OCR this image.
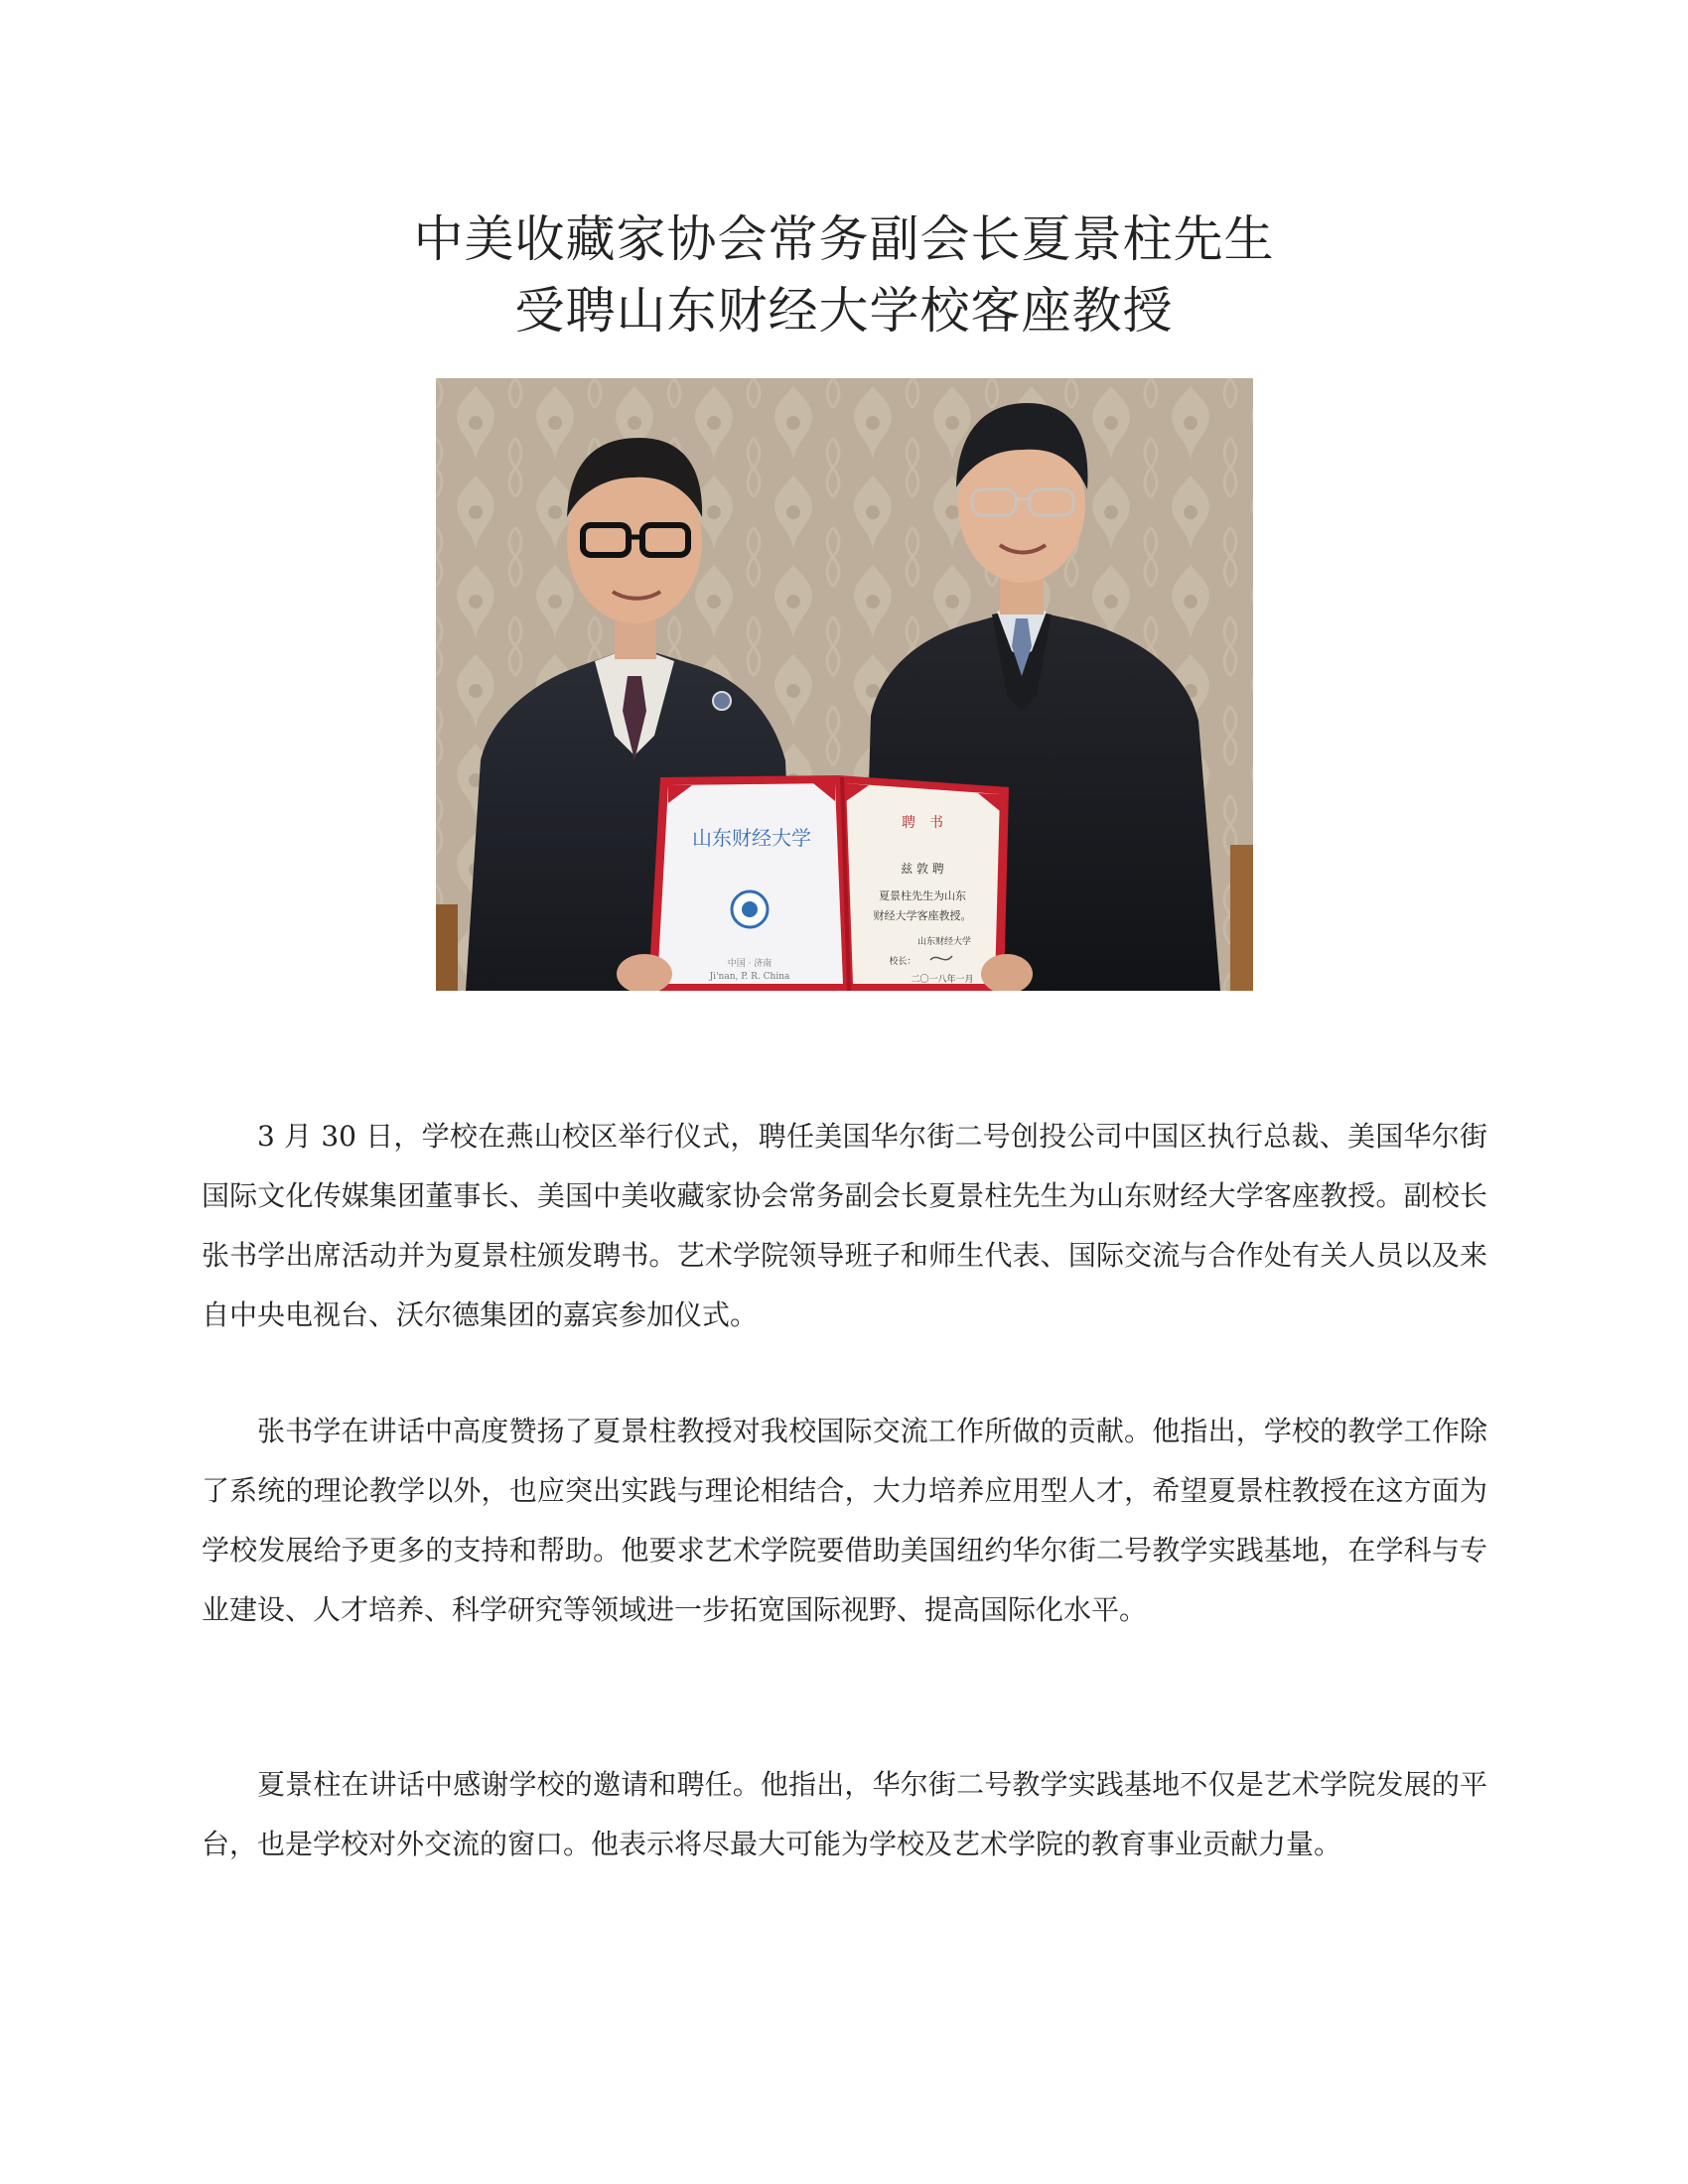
中美收藏家协会常务副会长夏景柱先生
受聘山东财经大学校客座教授
山东财经大学
中国 · 济南
Ji'nan, P. R. China
聘　书
兹 敦 聘
夏景柱先生为山东
财经大学客座教授。
山东财经大学
校长：
二〇一八年一月

3 月 30 日，学校在燕山校区举行仪式，聘任美国华尔街二号创投公司中国区执行总裁、美国华尔街国际文化传媒集团董事长、美国中美收藏家协会常务副会长夏景柱先生为山东财经大学客座教授。副校长张书学出席活动并为夏景柱颁发聘书。艺术学院领导班子和师生代表、国际交流与合作处有关人员以及来自中央电视台、沃尔德集团的嘉宾参加仪式。

张书学在讲话中高度赞扬了夏景柱教授对我校国际交流工作所做的贡献。他指出，学校的教学工作除了系统的理论教学以外，也应突出实践与理论相结合，大力培养应用型人才，希望夏景柱教授在这方面为学校发展给予更多的支持和帮助。他要求艺术学院要借助美国纽约华尔街二号教学实践基地，在学科与专业建设、人才培养、科学研究等领域进一步拓宽国际视野、提高国际化水平。

夏景柱在讲话中感谢学校的邀请和聘任。他指出，华尔街二号教学实践基地不仅是艺术学院发展的平台，也是学校对外交流的窗口。他表示将尽最大可能为学校及艺术学院的教育事业贡献力量。
